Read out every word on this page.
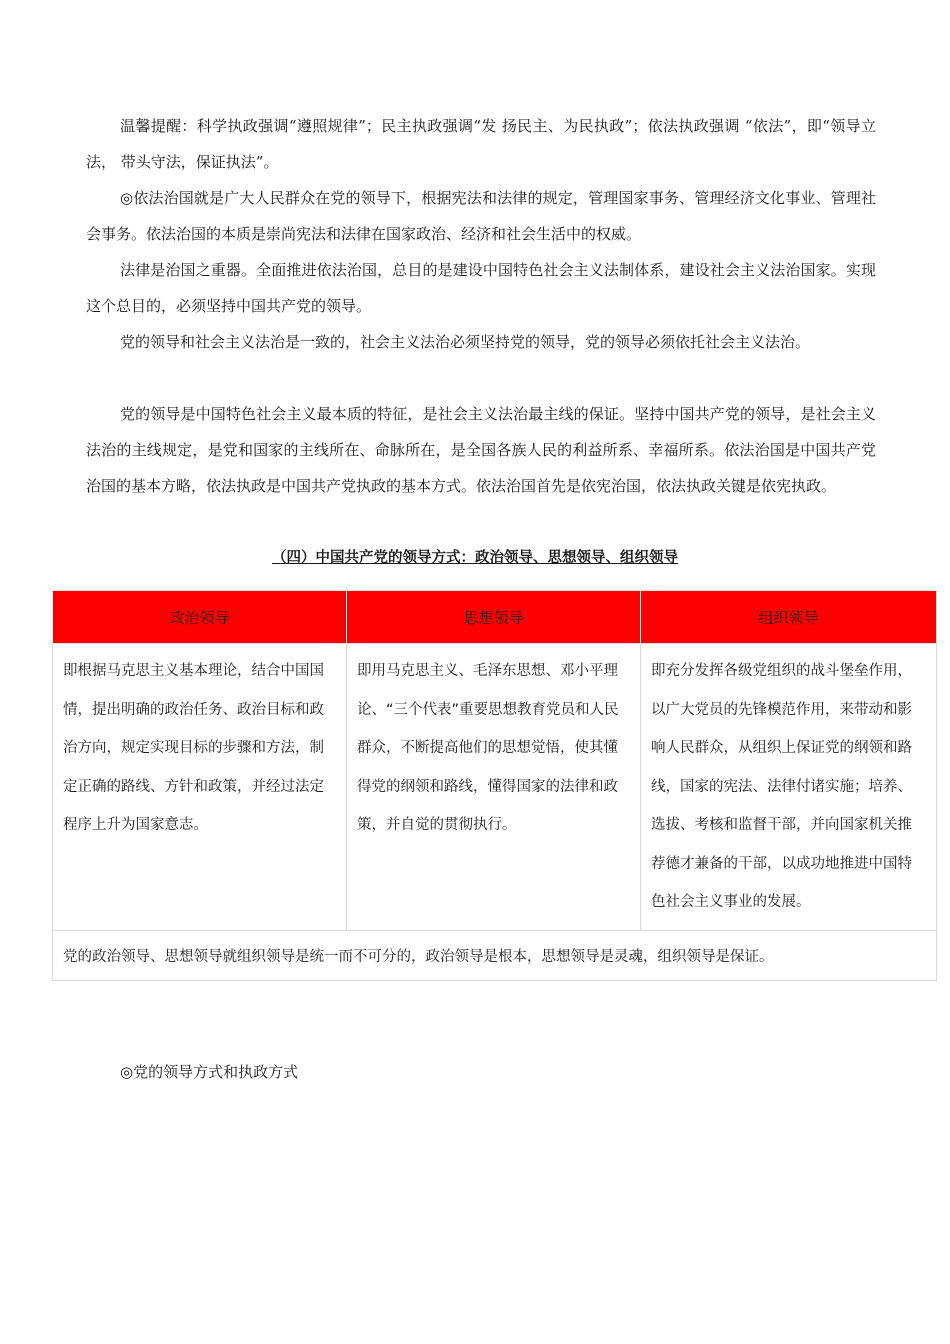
温馨提醒：科学执政强调“遵照规律”；民主执政强调“发 扬民主、为民执政”；依法执政强调 “依法”，即“领导立法， 带头守法，保证执法”。

◎依法治国就是广大人民群众在党的领导下，根据宪法和法律的规定，管理国家事务、管理经济文化事业、管理社会事务。依法治国的本质是崇尚宪法和法律在国家政治、经济和社会生活中的权威。

法律是治国之重器。全面推进依法治国，总目的是建设中国特色社会主义法制体系，建设社会主义法治国家。实现这个总目的，必须坚持中国共产党的领导。

党的领导和社会主义法治是一致的，社会主义法治必须坚持党的领导，党的领导必须依托社会主义法治。

党的领导是中国特色社会主义最本质的特征，是社会主义法治最主线的保证。坚持中国共产党的领导，是社会主义法治的主线规定，是党和国家的主线所在、命脉所在，是全国各族人民的利益所系、幸福所系。依法治国是中国共产党治国的基本方略，依法执政是中国共产党执政的基本方式。依法治国首先是依宪治国，依法执政关键是依宪执政。

（四）中国共产党的领导方式：政治领导、思想领导、组织领导
政治领导	思想领导	组织领导
即根据马克思主义基本理论，结合中国国情，提出明确的政治任务、政治目标和政治方向，规定实现目标的步骤和方法，制定正确的路线、方针和政策，并经过法定程序上升为国家意志。	即用马克思主义、毛泽东思想、邓小平理论、“三个代表”重要思想教育党员和人民群众，不断提高他们的思想觉悟，使其懂得党的纲领和路线，懂得国家的法律和政策，并自觉的贯彻执行。	即充分发挥各级党组织的战斗堡垒作用，以广大党员的先锋模范作用，来带动和影响人民群众，从组织上保证党的纲领和路线，国家的宪法、法律付诸实施；培养、选拔、考核和监督干部，并向国家机关推荐德才兼备的干部，以成功地推进中国特色社会主义事业的发展。
党的政治领导、思想领导就组织领导是统一而不可分的，政治领导是根本，思想领导是灵魂，组织领导是保证。		
◎党的领导方式和执政方式
